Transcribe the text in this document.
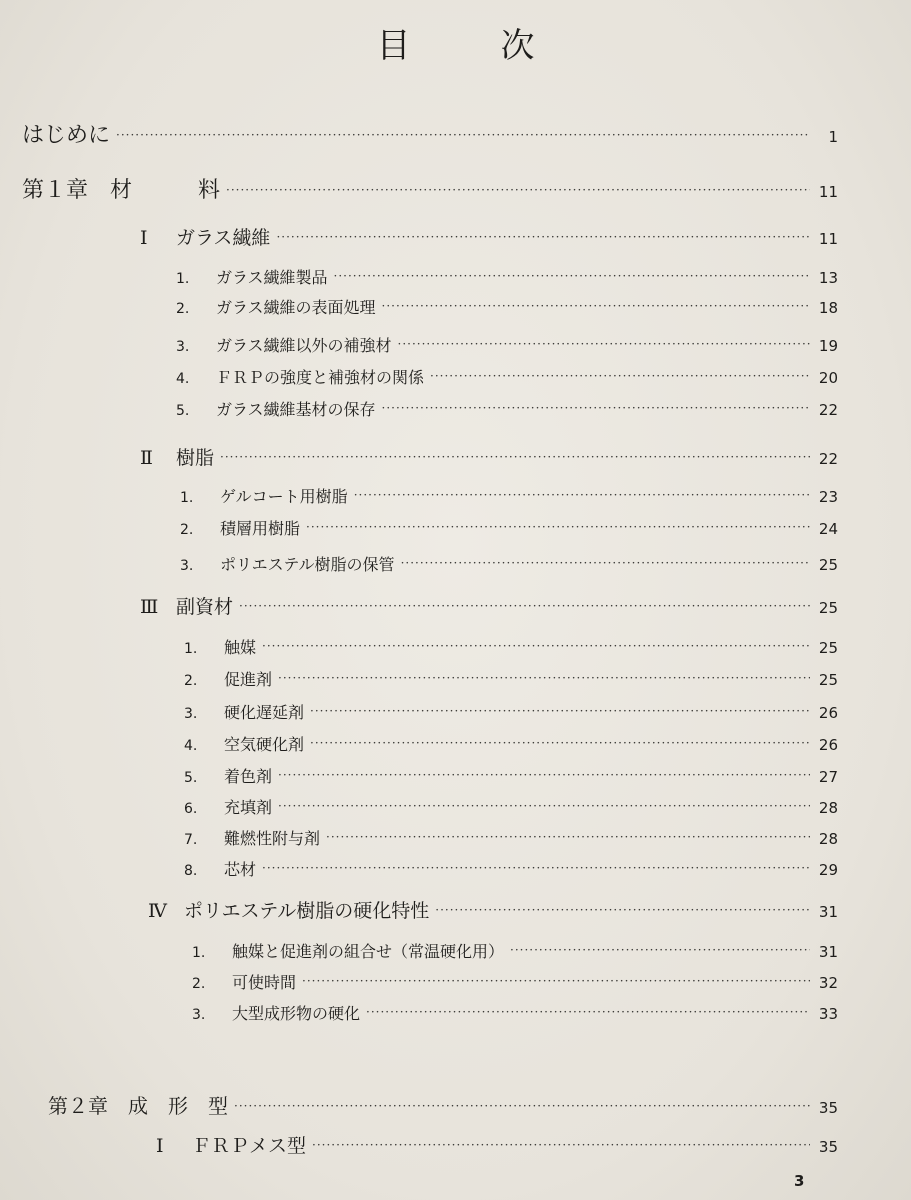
目　次
はじめに ·····	1
第１章　材　　　料 ·····	11
Ⅰ	ガラス繊維 ·····	11
1.	ガラス繊維製品 ·····	13
2.	ガラス繊維の表面処理 ·····	18
3.	ガラス繊維以外の補強材 ·····	19
4.	ＦＲＰの強度と補強材の関係 ·····	20
5.	ガラス繊維基材の保存 ·····	22
Ⅱ	樹脂 ·····	22
1.	ゲルコート用樹脂 ·····	23
2.	積層用樹脂 ·····	24
3.	ポリエステル樹脂の保管 ·····	25
Ⅲ 副資材 ·····	25
1.	触媒 ·····	25
2.	促進剤 ·····	25
3.	硬化遅延剤 ·····	26
4.	空気硬化剤 ·····	26
5.	着色剤 ·····	27
6.	充填剤 ·····	28
7.	難燃性附与剤 ·····	28
8.	芯材 ·····	29
Ⅳ ポリエステル樹脂の硬化特性 ·····	31
1.	触媒と促進剤の組合せ（常温硬化用） ·····	31
2.	可使時間 ·····	32
3.	大型成形物の硬化 ·····	33
第２章　成　形　型 ·····	35
Ⅰ	ＦＲＰメス型 ·····	35
3
